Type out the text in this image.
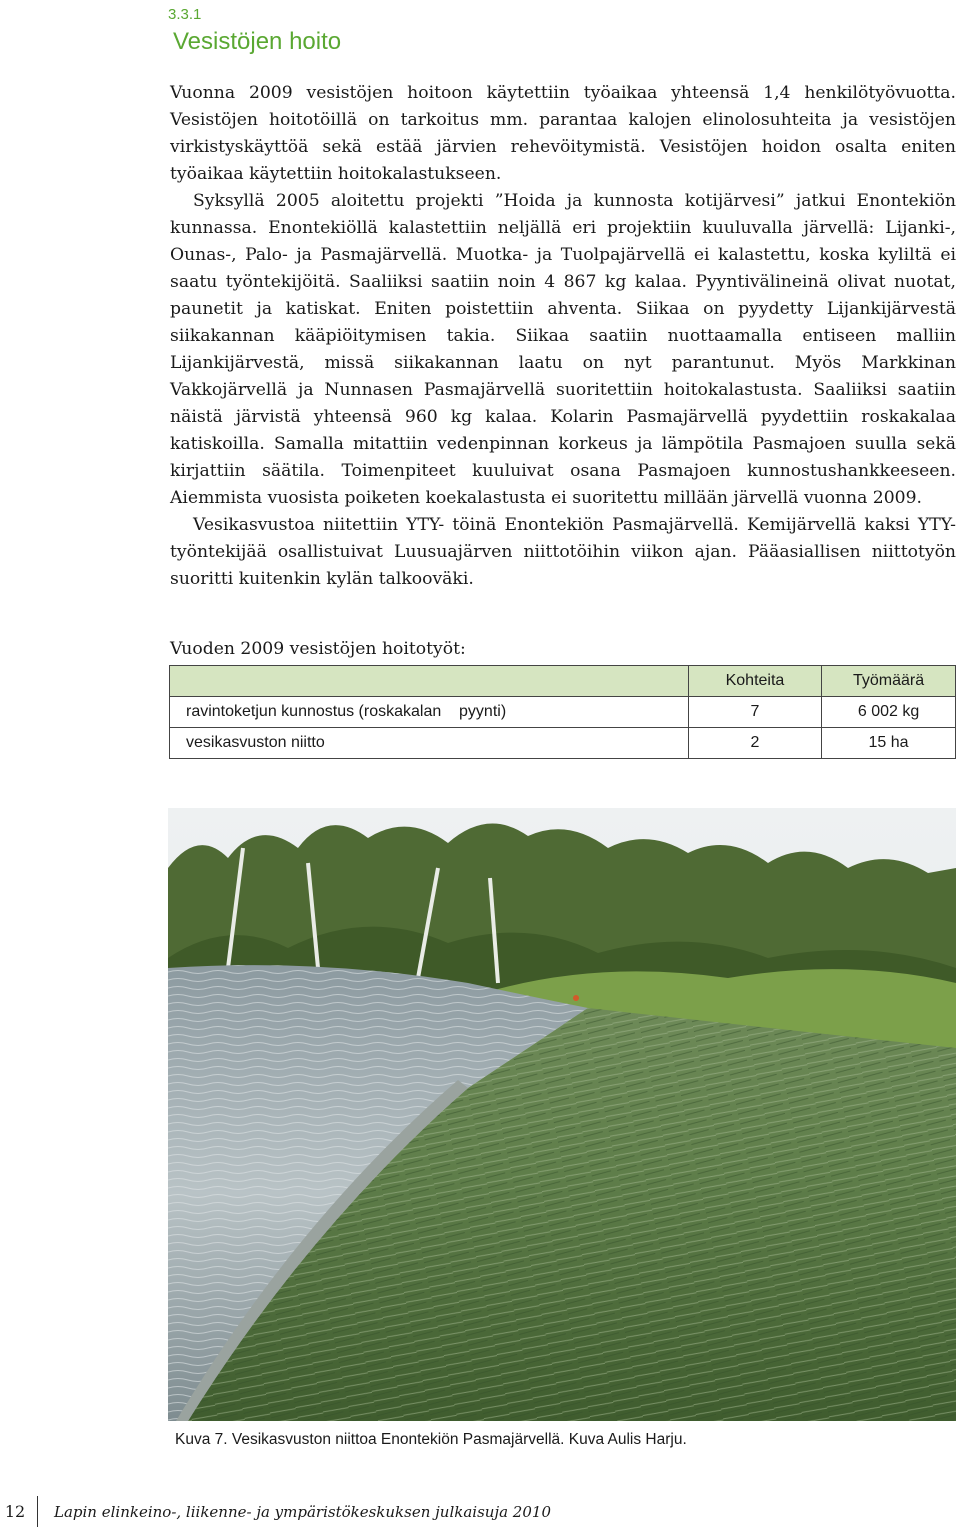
3.3.1
Vesistöjen hoito

Vuonna 2009 vesistöjen hoitoon käytettiin työaikaa yhteensä 1,4 henkilötyövuotta. Vesistöjen hoitotöillä on tarkoitus mm. parantaa kalojen elinolosuhteita ja vesistöjen virkistyskäyttöä sekä estää järvien rehevöitymistä. Vesistöjen hoidon osalta eniten työaikaa käytettiin hoitokalastukseen.

Syksyllä 2005 aloitettu projekti ”Hoida ja kunnosta kotijärvesi” jatkui Enontekiön kunnassa. Enontekiöllä kalastettiin neljällä eri projektiin kuuluvalla järvellä: Lijanki-, Ounas-, Palo- ja Pasmajärvellä. Muotka- ja Tuolpajärvellä ei kalastettu, koska kyliltä ei saatu työntekijöitä. Saaliiksi saatiin noin 4 867 kg kalaa. Pyyntivälineinä olivat nuotat, paunetit ja katiskat. Eniten poistettiin ahventa. Siikaa on pyydetty Lijankijärvestä siikakannan kääpiöitymisen takia. Siikaa saatiin nuottaamalla entiseen malliin Lijankijärvestä, missä siikakannan laatu on nyt parantunut. Myös Markkinan Vakkojärvellä ja Nunnasen Pasmajärvellä suoritettiin hoitokalastusta. Saaliiksi saatiin näistä järvistä yhteensä 960 kg kalaa. Kolarin Pasmajärvellä pyydettiin roskakalaa katiskoilla. Samalla mitattiin vedenpinnan korkeus ja lämpötila Pasmajoen suulla sekä kirjattiin säätila. Toimenpiteet kuuluivat osana Pasmajoen kunnostushankkeeseen. Aiemmista vuosista poiketen koekalastusta ei suoritettu millään järvellä vuonna 2009.

Vesikasvustoa niitettiin YTY- töinä Enontekiön Pasmajärvellä. Kemijärvellä kaksi YTY-työntekijää osallistuivat Luusuajärven niittotöihin viikon ajan. Pääasiallisen niittotyön suoritti kuitenkin kylän talkooväki.

Vuoden 2009 vesistöjen hoitotyöt:
	Kohteita	Työmäärä
ravintoketjun kunnostus (roskakalan    pyynti)	7	6 002 kg
vesikasvuston niitto	2	15 ha
Kuva 7. Vesikasvuston niittoa Enontekiön Pasmajärvellä. Kuva Aulis Harju.
12	Lapin elinkeino-, liikenne- ja ympäristökeskuksen julkaisuja 2010
